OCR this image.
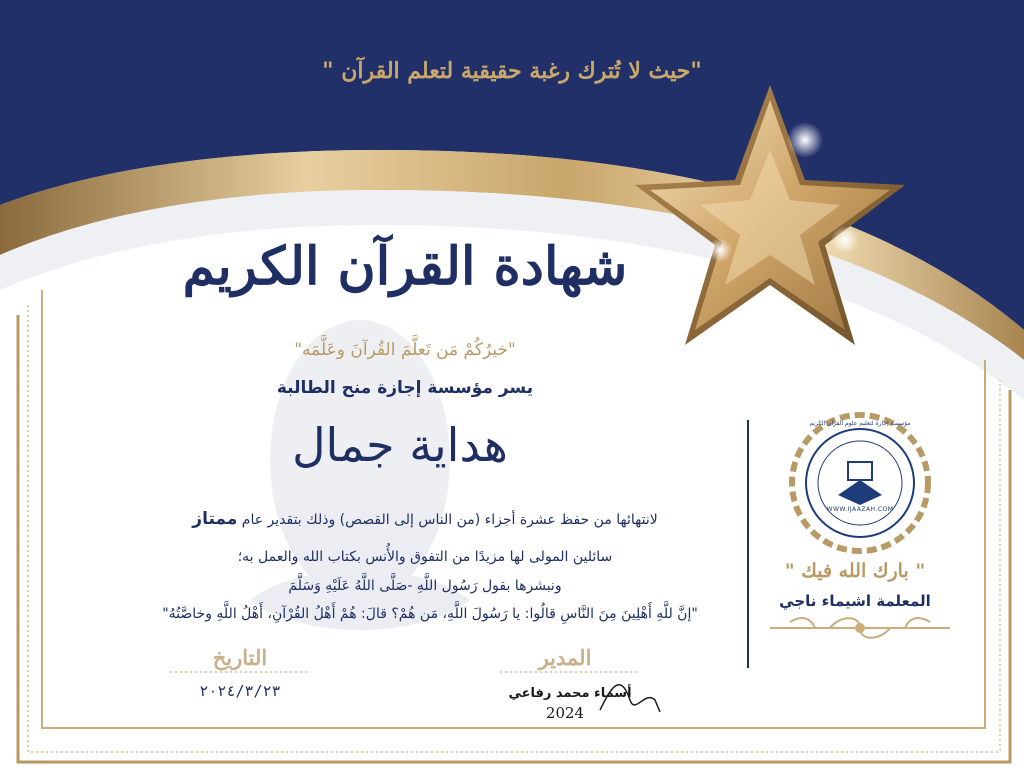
"حيث لا تُترك رغبة حقيقية لتعلم القرآن "
شهادة القرآن الكريم
"خيرُكُمْ مَن تَعلَّمَ القُرآنَ وعَلَّمَه"
يسر مؤسسة إجازة منح الطالبة
هداية جمال
لانتهائها من حفظ عشرة أجزاء (من الناس إلى القصص) وذلك بتقدير عام ممتاز
سائلين المولى لها مزيدًا من التفوق والأُنس بكتاب الله والعمل به؛
ونبشرها بقول رَسُول اللَّهِ -صَلَّى اللَّهُ عَلَيْهِ وَسَلَّمَ
"إنَّ للَّهِ أَهْلِينَ مِنَ النَّاسِ قالُوا: يا رَسُولَ اللَّهِ، مَن هُمْ؟ قالَ: هُمْ أَهْلُ القُرْآنِ، أَهْلُ اللَّهِ وخاصَّتُهُ"
التاريخ
٢٠٢٤/٣/٢٣
المدير
أسماء محمد رفاعي
2024
WWW.IJAAZAH.COM
مؤسسة إجازة لتعليم علوم القرآن الكريم
" بارك الله فيك "
المعلمة اشيماء ناجي
